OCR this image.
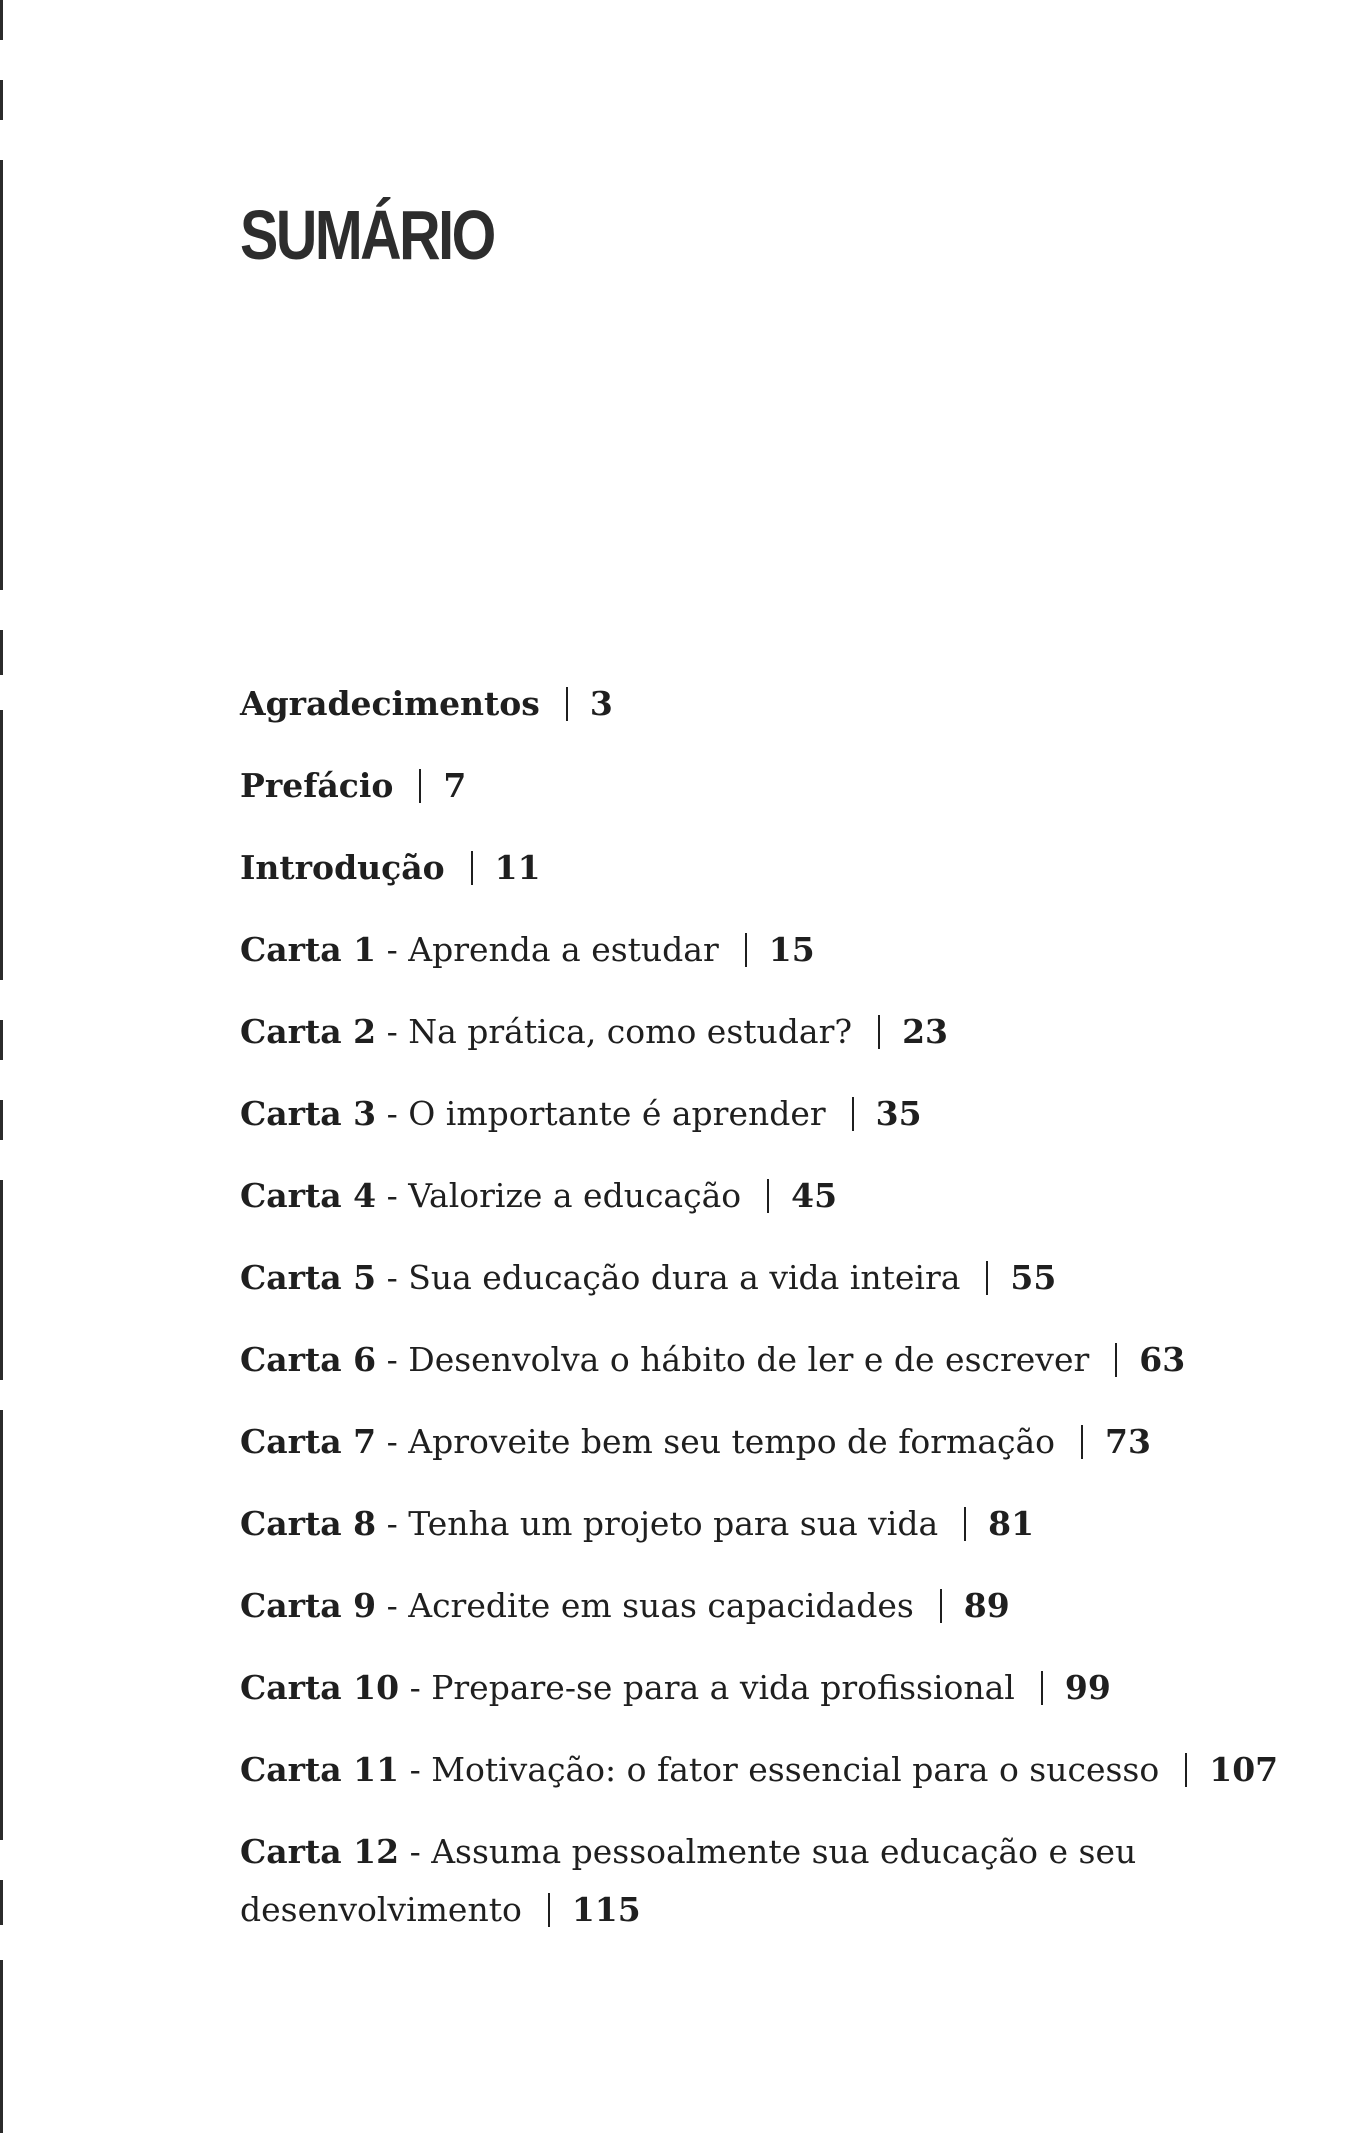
SUMÁRIO
Agradecimentos 3
Prefácio 7
Introdução 11
Carta 1 - Aprenda a estudar 15
Carta 2 - Na prática, como estudar? 23
Carta 3 - O importante é aprender 35
Carta 4 - Valorize a educação 45
Carta 5 - Sua educação dura a vida inteira 55
Carta 6 - Desenvolva o hábito de ler e de escrever 63
Carta 7 - Aproveite bem seu tempo de formação 73
Carta 8 - Tenha um projeto para sua vida 81
Carta 9 - Acredite em suas capacidades 89
Carta 10 - Prepare-se para a vida profissional 99
Carta 11 - Motivação: o fator essencial para o sucesso 107
Carta 12 - Assuma pessoalmente sua educação e seu desenvolvimento 115
